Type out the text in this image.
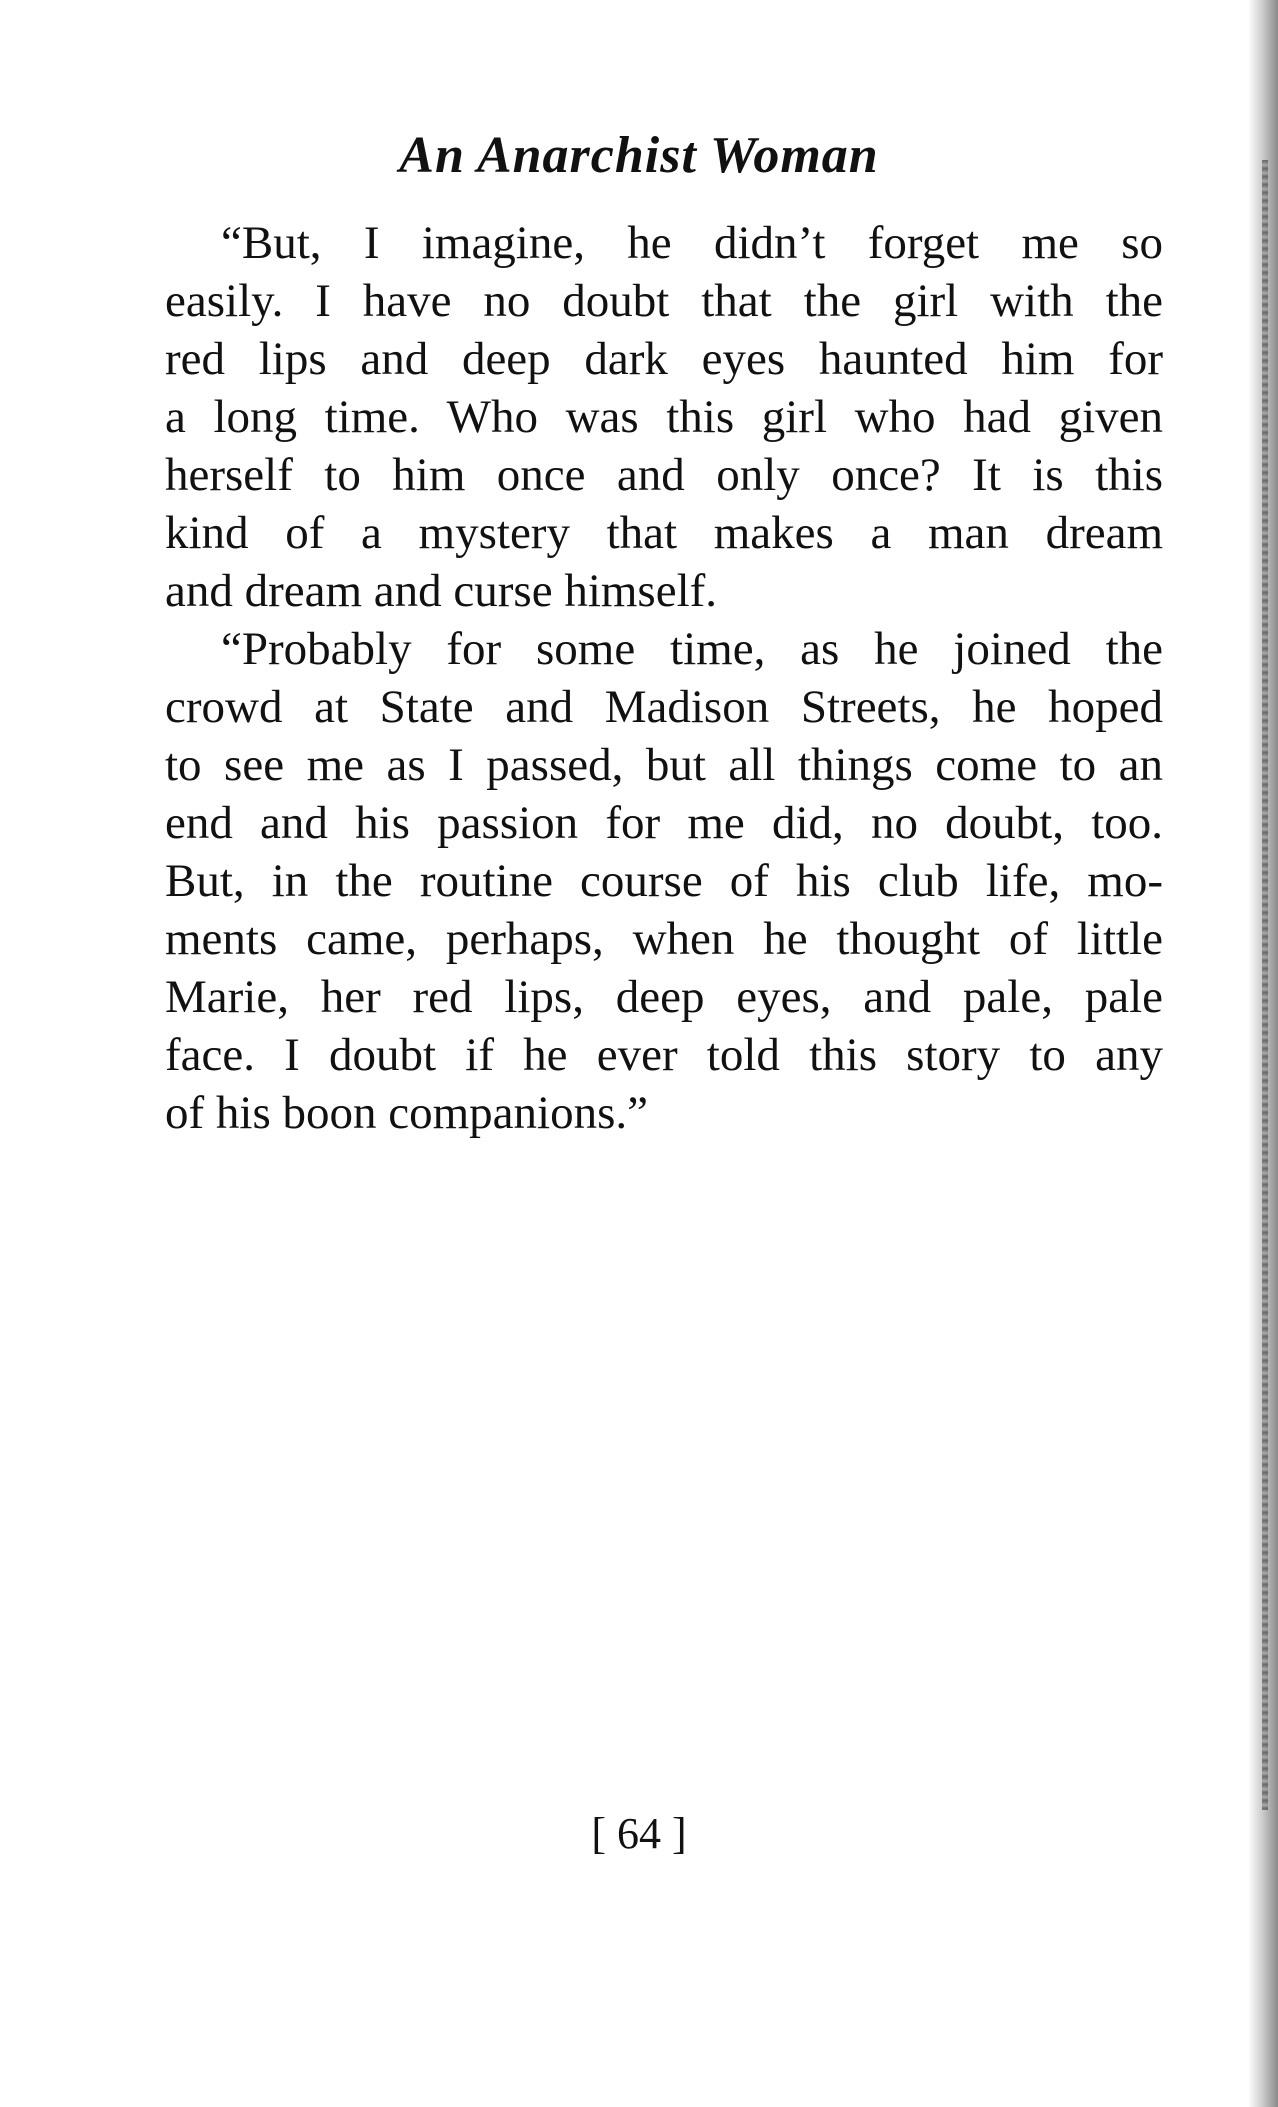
An Anarchist Woman
“But, I imagine, he didn’t forget me so
easily. I have no doubt that the girl with the
red lips and deep dark eyes haunted him for
a long time. Who was this girl who had given
herself to him once and only once? It is this
kind of a mystery that makes a man dream
and dream and curse himself.
“Probably for some time, as he joined the
crowd at State and Madison Streets, he hoped
to see me as I passed, but all things come to an
end and his passion for me did, no doubt, too.
But, in the routine course of his club life, mo-
ments came, perhaps, when he thought of little
Marie, her red lips, deep eyes, and pale, pale
face. I doubt if he ever told this story to any
of his boon companions.”

[ 64 ]
